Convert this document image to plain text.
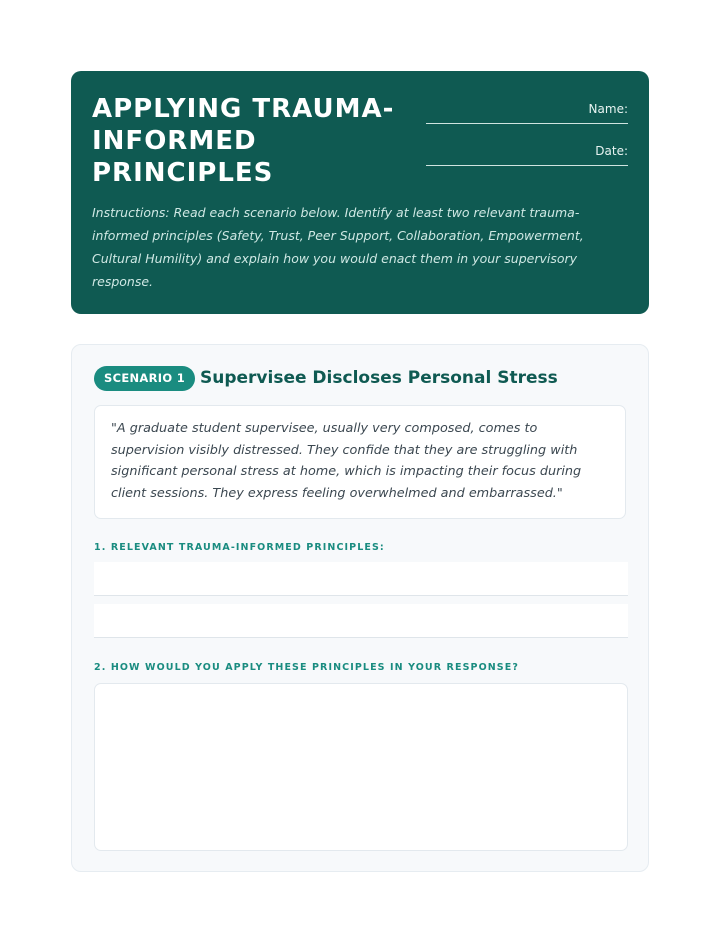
APPLYING TRAUMA-INFORMED PRINCIPLES
Name:
Date:

Instructions: Read each scenario below. Identify at least two relevant trauma-informed principles (Safety, Trust, Peer Support, Collaboration, Empowerment, Cultural Humility) and explain how you would enact them in your supervisory response.

SCENARIO 1 Supervisee Discloses Personal Stress

"A graduate student supervisee, usually very composed, comes to supervision visibly distressed. They confide that they are struggling with significant personal stress at home, which is impacting their focus during client sessions. They express feeling overwhelmed and embarrassed."

1. RELEVANT TRAUMA-INFORMED PRINCIPLES:

2. HOW WOULD YOU APPLY THESE PRINCIPLES IN YOUR RESPONSE?
